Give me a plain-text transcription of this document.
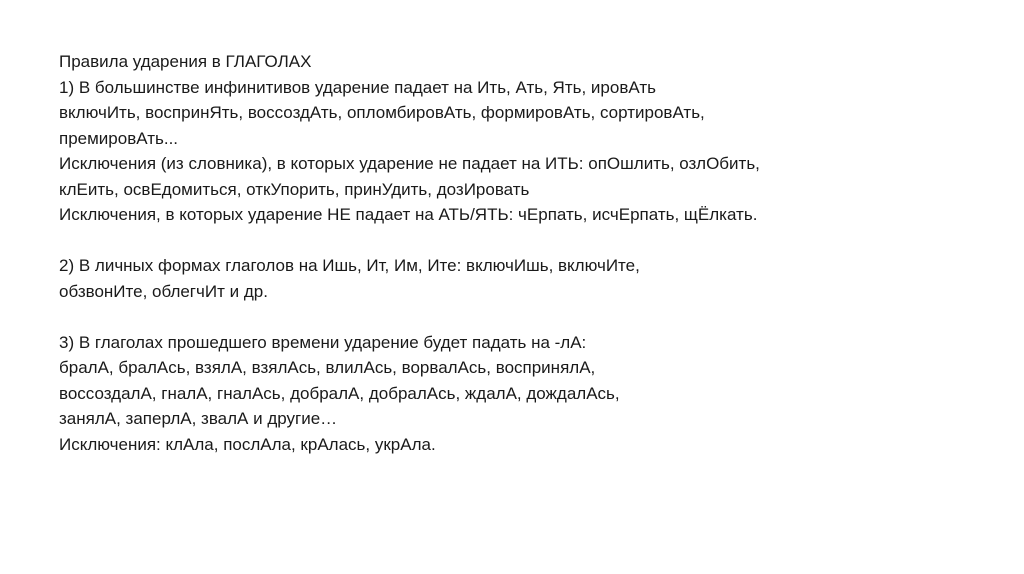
Правила ударения в ГЛАГОЛАХ
1) В большинстве инфинитивов ударение падает на Ить, Ать, Ять, ировАть
включИть, воспринЯть, воссоздАть, опломбировАть, формировАть, сортировАть,
премировАть...
Исключения (из словника), в которых ударение не падает на ИТЬ: опОшлить, озлОбить,
клЕить, освЕдомиться, откУпорить, принУдить, дозИровать
Исключения, в которых ударение НЕ падает на АТЬ/ЯТЬ: чЕрпать, исчЕрпать, щЁлкать.
2) В личных формах глаголов на Ишь, Ит, Им, Ите: включИшь, включИте,
обзвонИте, облегчИт и др.
3) В глаголах прошедшего времени ударение будет падать на -лА:
бралА, бралАсь, взялА, взялАсь, влилАсь, ворвалАсь, воспринялА,
воссоздалА, гналА, гналАсь, добралА, добралАсь, ждалА, дождалАсь,
занялА, заперлА, звалА и другие…
Исключения: клАла, послАла, крАлась, укрАла.
